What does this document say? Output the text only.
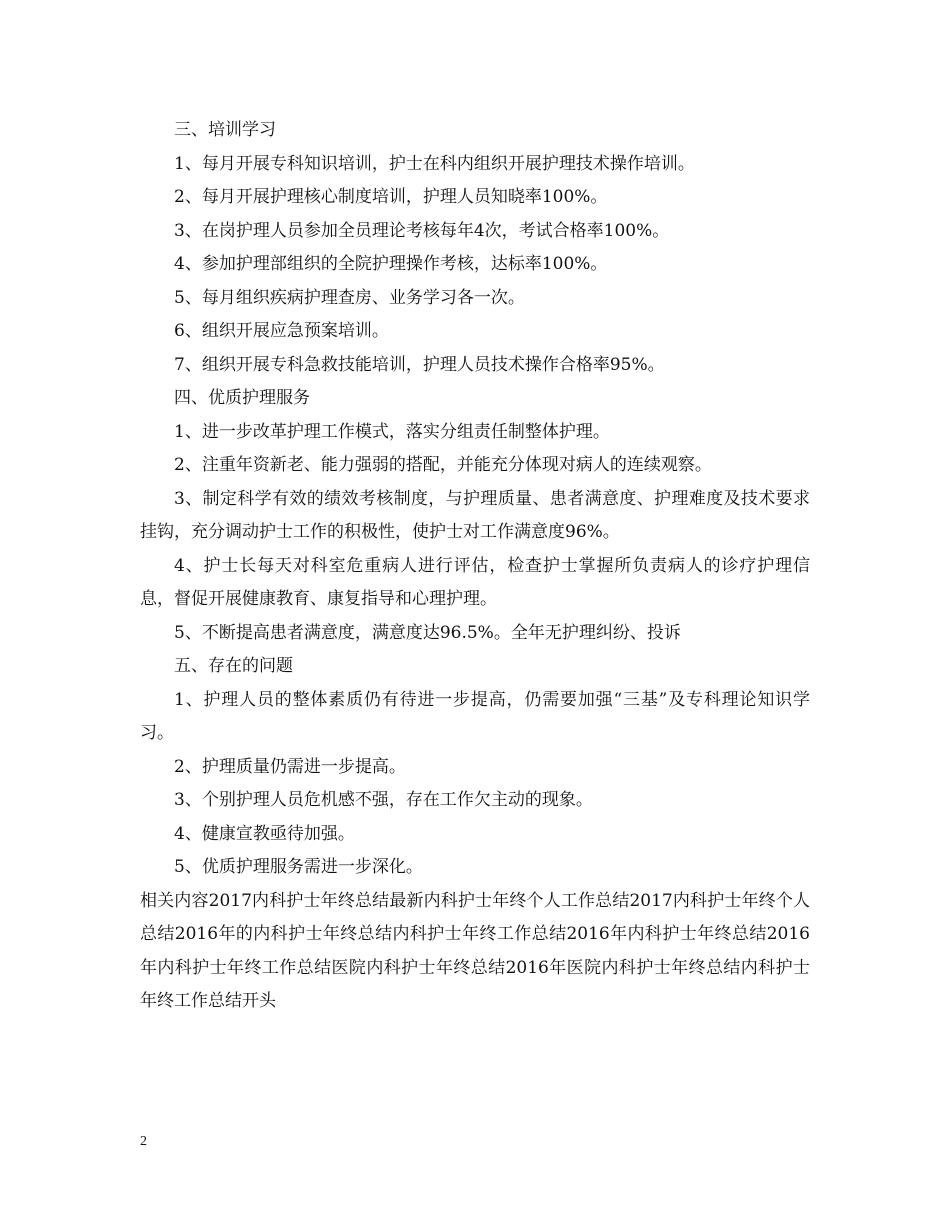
三、培训学习

1、每月开展专科知识培训，护士在科内组织开展护理技术操作培训。

2、每月开展护理核心制度培训，护理人员知晓率100%。

3、在岗护理人员参加全员理论考核每年4次，考试合格率100%。

4、参加护理部组织的全院护理操作考核，达标率100%。

5、每月组织疾病护理查房、业务学习各一次。

6、组织开展应急预案培训。

7、组织开展专科急救技能培训，护理人员技术操作合格率95%。

四、优质护理服务

1、进一步改革护理工作模式，落实分组责任制整体护理。

2、注重年资新老、能力强弱的搭配，并能充分体现对病人的连续观察。

3、制定科学有效的绩效考核制度，与护理质量、患者满意度、护理难度及技术要求挂钩，充分调动护士工作的积极性，使护士对工作满意度96%。

4、护士长每天对科室危重病人进行评估，检查护士掌握所负责病人的诊疗护理信息，督促开展健康教育、康复指导和心理护理。

5、不断提高患者满意度，满意度达96.5%。全年无护理纠纷、投诉

五、存在的问题

1、护理人员的整体素质仍有待进一步提高，仍需要加强“三基”及专科理论知识学习。

2、护理质量仍需进一步提高。

3、个别护理人员危机感不强，存在工作欠主动的现象。

4、健康宣教亟待加强。

5、优质护理服务需进一步深化。

相关内容2017内科护士年终总结最新内科护士年终个人工作总结2017内科护士年终个人总结2016年的内科护士年终总结内科护士年终工作总结2016年内科护士年终总结2016年内科护士年终工作总结医院内科护士年终总结2016年医院内科护士年终总结内科护士年终工作总结开头

2
